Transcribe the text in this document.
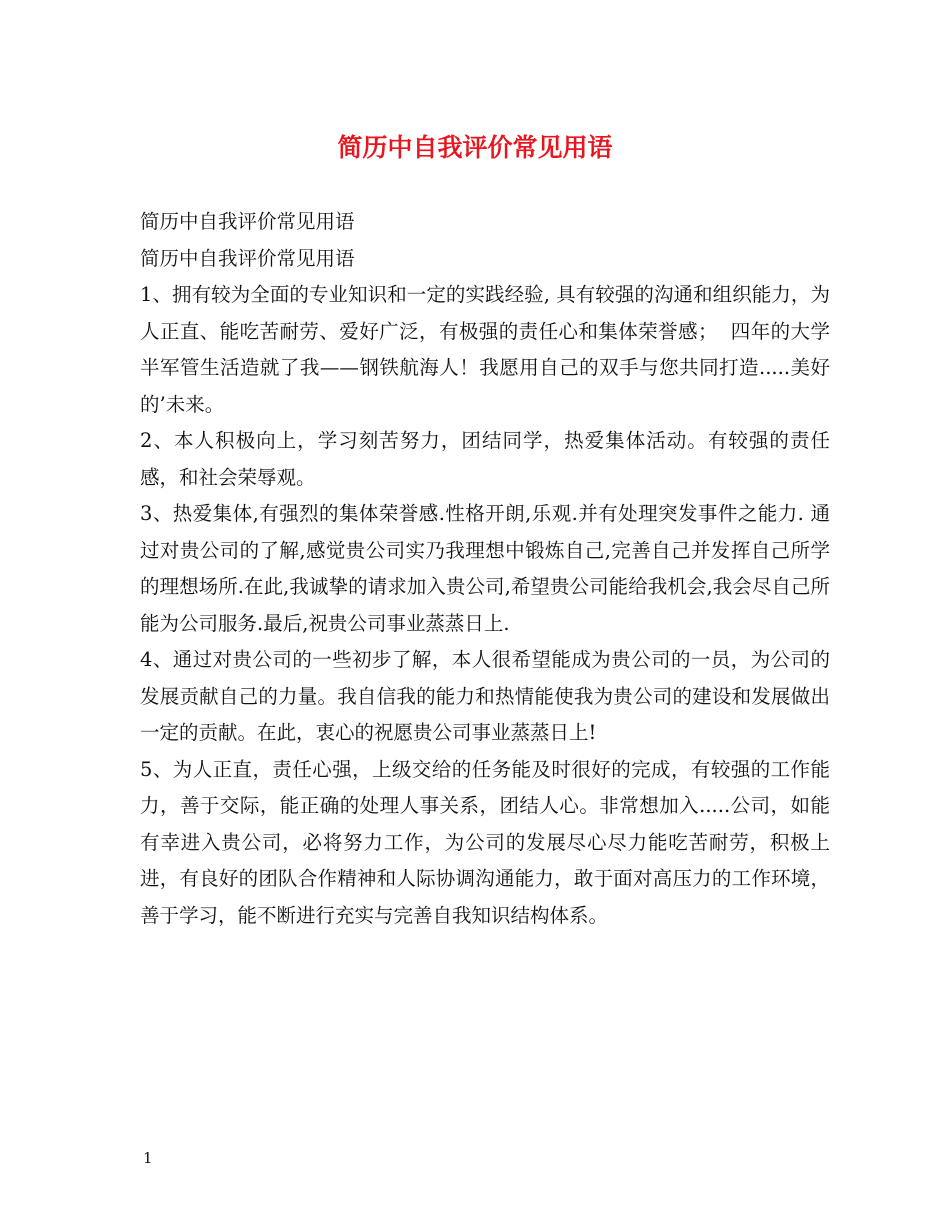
简历中自我评价常见用语

简历中自我评价常见用语

简历中自我评价常见用语

1、拥有较为全面的专业知识和一定的实践经验, 具有较强的沟通和组织能力，为人正直、能吃苦耐劳、爱好广泛，有极强的责任心和集体荣誉感；  四年的大学半军管生活造就了我——钢铁航海人！我愿用自己的双手与您共同打造.....美好的’未来。

2、本人积极向上，学习刻苦努力，团结同学，热爱集体活动。有较强的责任感，和社会荣辱观。

3、热爱集体,有强烈的集体荣誉感.性格开朗,乐观.并有处理突发事件之能力. 通过对贵公司的了解,感觉贵公司实乃我理想中锻炼自己,完善自己并发挥自己所学的理想场所.在此,我诚挚的请求加入贵公司,希望贵公司能给我机会,我会尽自己所能为公司服务.最后,祝贵公司事业蒸蒸日上.

4、通过对贵公司的一些初步了解，本人很希望能成为贵公司的一员，为公司的发展贡献自己的力量。我自信我的能力和热情能使我为贵公司的建设和发展做出一定的贡献。在此，衷心的祝愿贵公司事业蒸蒸日上!

5、为人正直，责任心强，上级交给的任务能及时很好的完成，有较强的工作能力，善于交际，能正确的处理人事关系，团结人心。非常想加入.....公司，如能有幸进入贵公司，必将努力工作，为公司的发展尽心尽力能吃苦耐劳，积极上进，有良好的团队合作精神和人际协调沟通能力，敢于面对高压力的工作环境，善于学习，能不断进行充实与完善自我知识结构体系。

1
